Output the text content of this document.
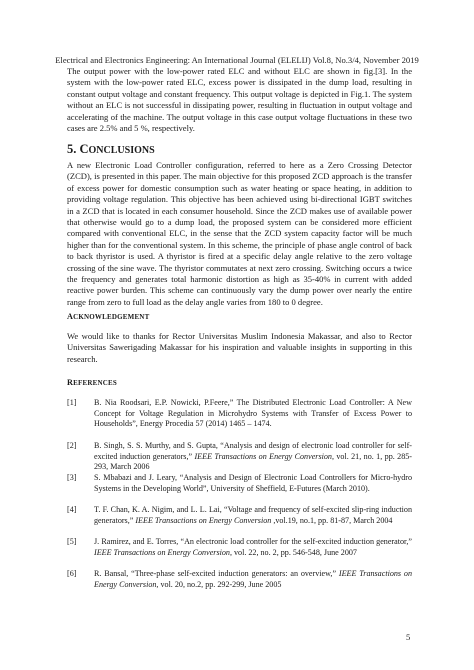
Electrical and Electronics Engineering: An International Journal (ELELIJ) Vol.8, No.3/4, November 2019

The output power with the low-power rated ELC and without ELC are shown in fig.[3]. In the system with the low-power rated ELC, excess power is dissipated in the dump load, resulting in constant output voltage and constant frequency. This output voltage is depicted in Fig.1. The system without an ELC is not successful in dissipating power, resulting in fluctuation in output voltage and accelerating of the machine. The output voltage in this case output voltage fluctuations in these two cases are 2.5% and 5 %, respectively.

5. CONCLUSIONS

A new Electronic Load Controller configuration, referred to here as a Zero Crossing Detector (ZCD), is presented in this paper. The main objective for this proposed ZCD approach is the transfer of excess power for domestic consumption such as water heating or space heating, in addition to providing voltage regulation. This objective has been achieved using bi-directional IGBT switches in a ZCD that is located in each consumer household. Since the ZCD makes use of available power that otherwise would go to a dump load, the proposed system can be considered more efficient compared with conventional ELC, in the sense that the ZCD system capacity factor will be much higher than for the conventional system. In this scheme, the principle of phase angle control of back to back thyristor is used. A thyristor is fired at a specific delay angle relative to the zero voltage crossing of the sine wave. The thyristor commutates at next zero crossing. Switching occurs a twice the frequency and generates total harmonic distortion as high as 35-40% in current with added reactive power burden. This scheme can continuously vary the dump power over nearly the entire range from zero to full load as the delay angle varies from 180 to 0 degree.

ACKNOWLEDGEMENT

We would like to thanks for Rector Universitas Muslim Indonesia Makassar, and also to Rector Universitas Sawerigading Makassar for his inspiration and valuable insights in supporting in this research.

REFERENCES
[1] B. Nia Roodsari, E.P. Nowicki, P.Feere,” The Distributed Electronic Load Controller: A New Concept for Voltage Regulation in Microhydro Systems with Transfer of Excess Power to Households”, Energy Procedia 57 (2014) 1465 – 1474.
[2] B. Singh, S. S. Murthy, and S. Gupta, “Analysis and design of electronic load controller for self-excited induction generators,” IEEE Transactions on Energy Conversion, vol. 21, no. 1, pp. 285-293, March 2006
[3] S. Mbabazi and J. Leary, “Analysis and Design of Electronic Load Controllers for Micro-hydro Systems in the Developing World”, University of Sheffield, E-Futures (March 2010).
[4] T. F. Chan, K. A. Nigim, and L. L. Lai, “Voltage and frequency of self-excited slip-ring induction generators,” IEEE Transactions on Energy Conversion ,vol.19, no.1, pp. 81-87, March 2004
[5] J. Ramirez, and E. Torres, “An electronic load controller for the self-excited induction generator,” IEEE Transactions on Energy Conversion, vol. 22, no. 2, pp. 546-548, June 2007
[6] R. Bansal, “Three-phase self-excited induction generators: an overview,” IEEE Transactions on Energy Conversion, vol. 20, no.2, pp. 292-299, June 2005
5
